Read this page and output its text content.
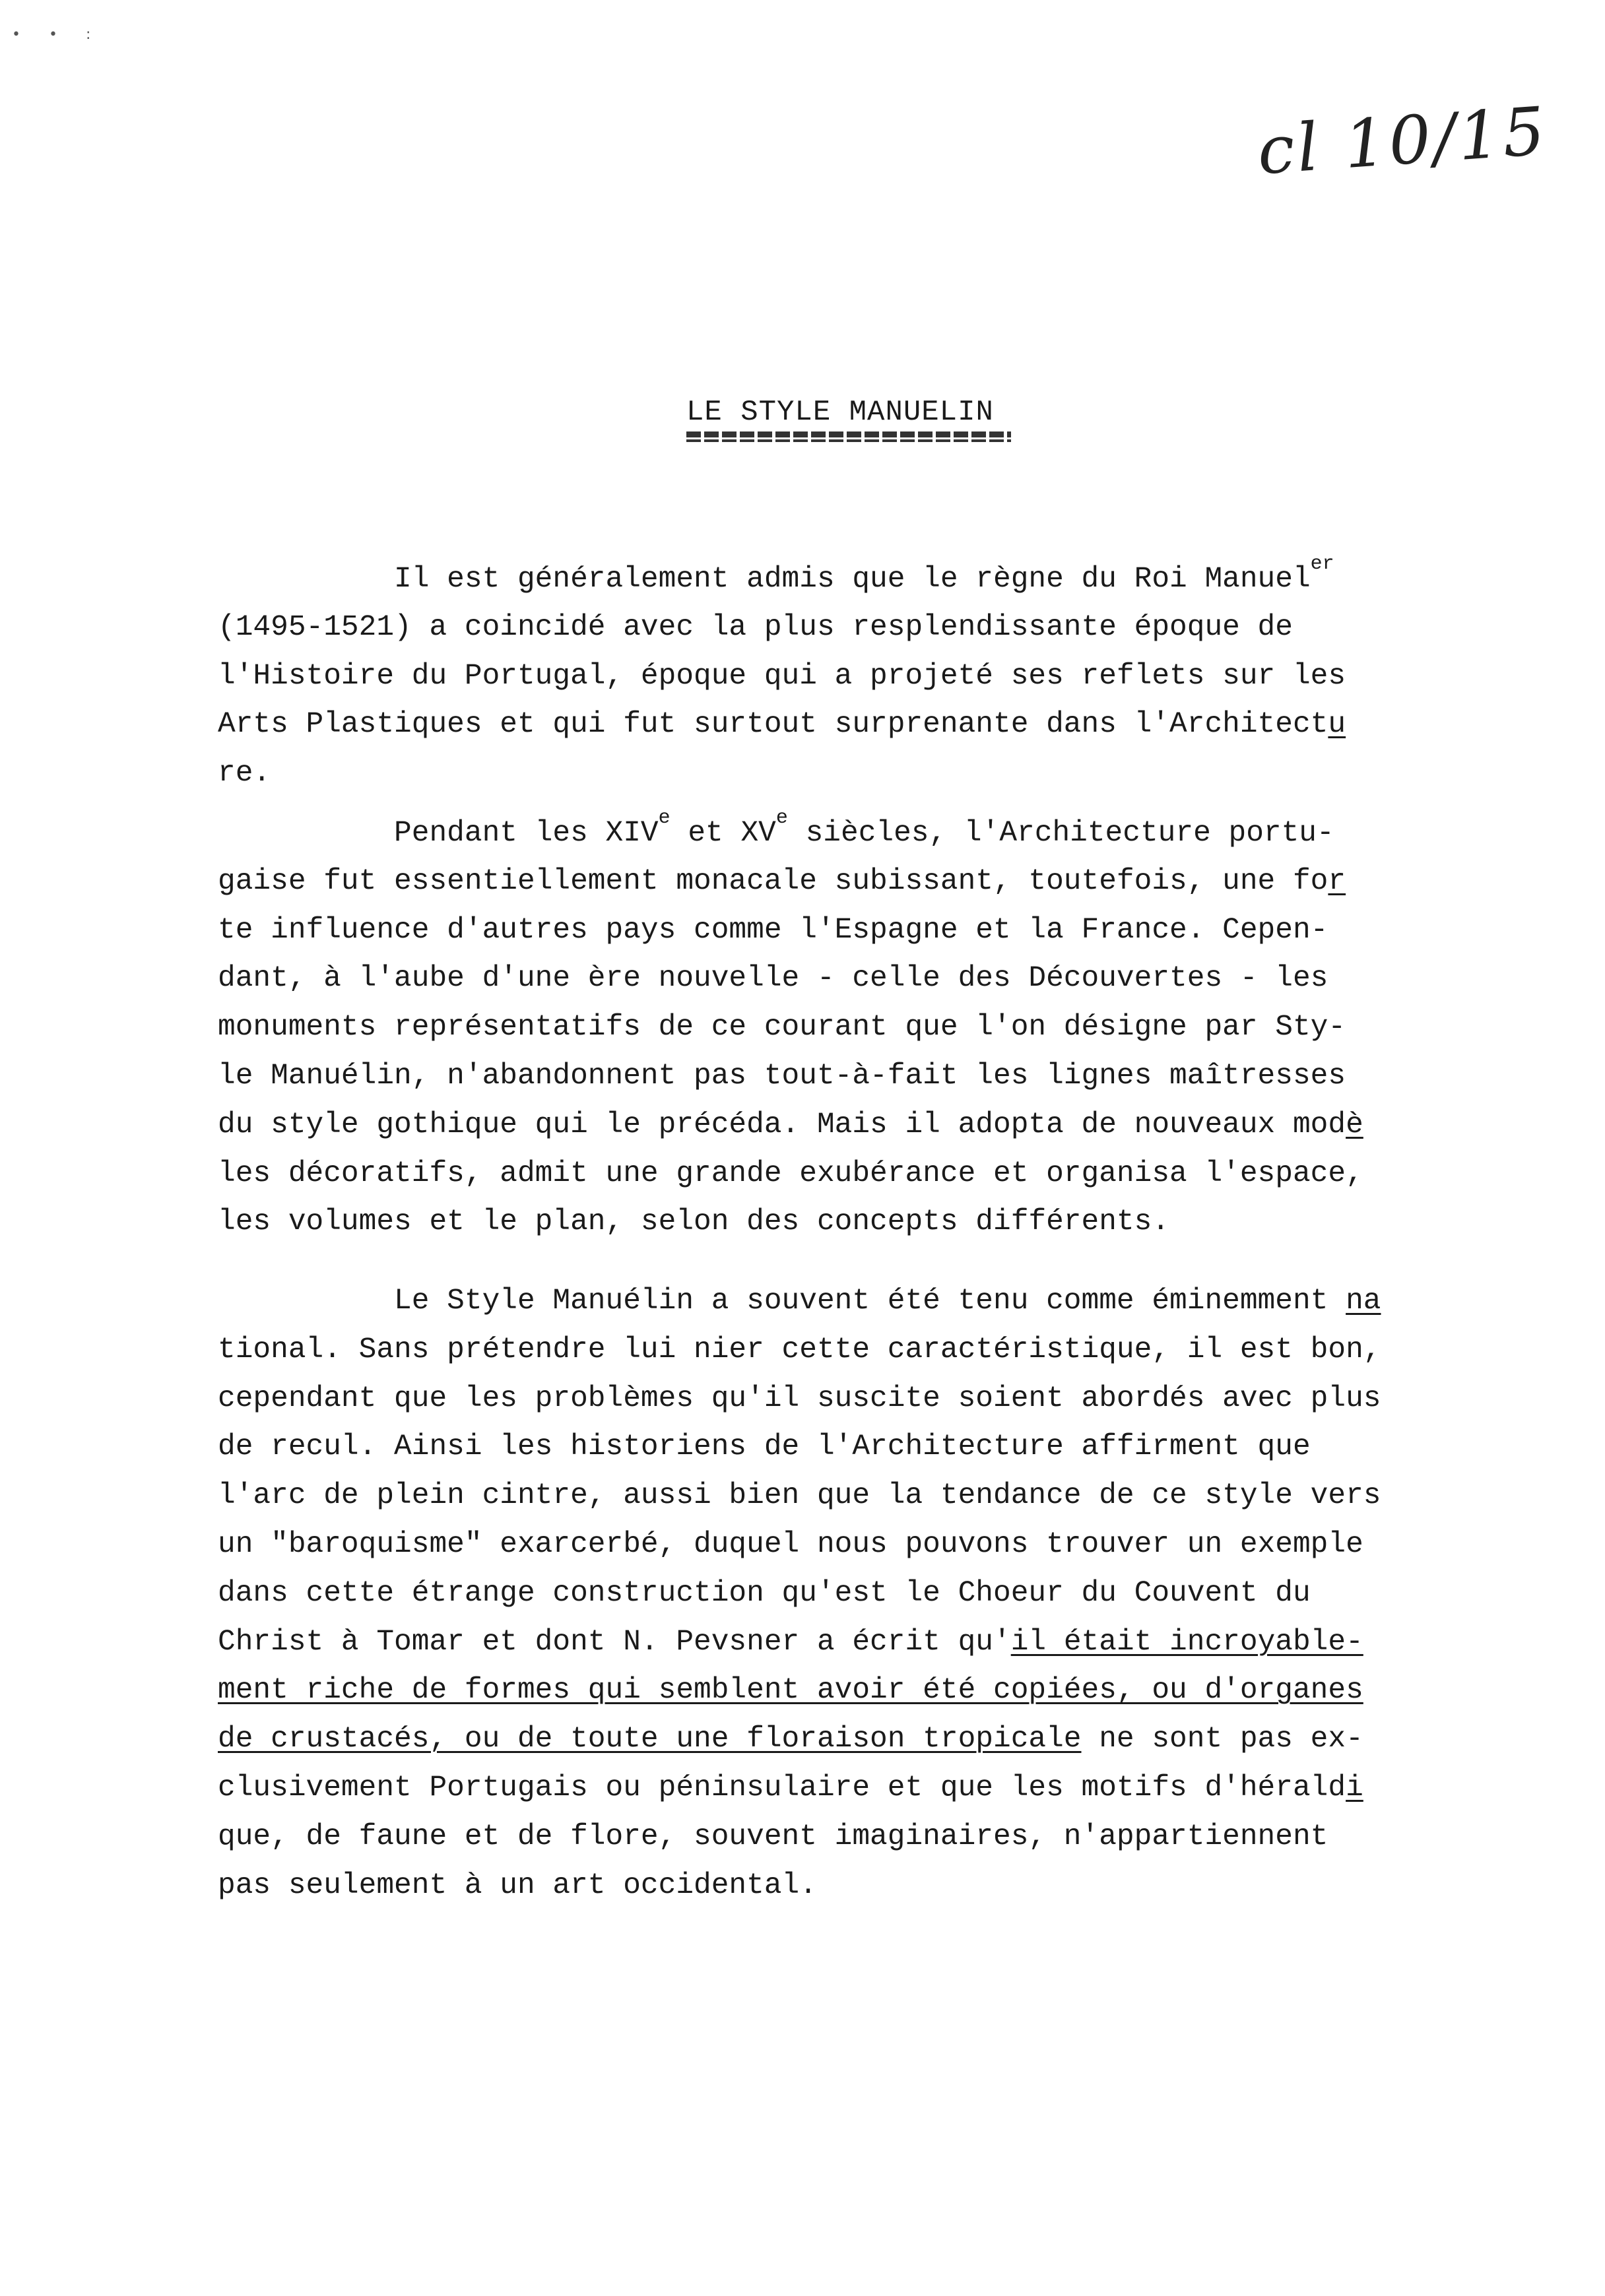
• • :
cl 10/15
LE STYLE MANUELIN
Il est généralement admis que le règne du Roi Manuel$^{er}$
(1495-1521) a coincidé avec la plus resplendissante époque de
l'Histoire du Portugal, époque qui a projeté ses reflets sur les
Arts Plastiques et qui fut surtout surprenante dans l'Architectu
re.
Pendant les XIVe et XVe siècles, l'Architecture portu-
gaise fut essentiellement monacale subissant, toutefois, une for
te influence d'autres pays comme l'Espagne et la France. Cepen-
dant, à l'aube d'une ère nouvelle - celle des Découvertes - les
monuments représentatifs de ce courant que l'on désigne par Sty-
le Manuélin, n'abandonnent pas tout-à-fait les lignes maîtresses
du style gothique qui le précéda. Mais il adopta de nouveaux modè
les décoratifs, admit une grande exubérance et organisa l'espace,
les volumes et le plan, selon des concepts différents.
Le Style Manuélin a souvent été tenu comme éminemment na
tional. Sans prétendre lui nier cette caractéristique, il est bon,
cependant que les problèmes qu'il suscite soient abordés avec plus
de recul. Ainsi les historiens de l'Architecture affirment que
l'arc de plein cintre, aussi bien que la tendance de ce style vers
un "baroquisme" exarcerbé, duquel nous pouvons trouver un exemple
dans cette étrange construction qu'est le Choeur du Couvent du
Christ à Tomar et dont N. Pevsner a écrit qu'il était incroyable-
ment riche de formes qui semblent avoir été copiées, ou d'organes
de crustacés, ou de toute une floraison tropicale ne sont pas ex-
clusivement Portugais ou péninsulaire et que les motifs d'héraldi
que, de faune et de flore, souvent imaginaires, n'appartiennent
pas seulement à un art occidental.
